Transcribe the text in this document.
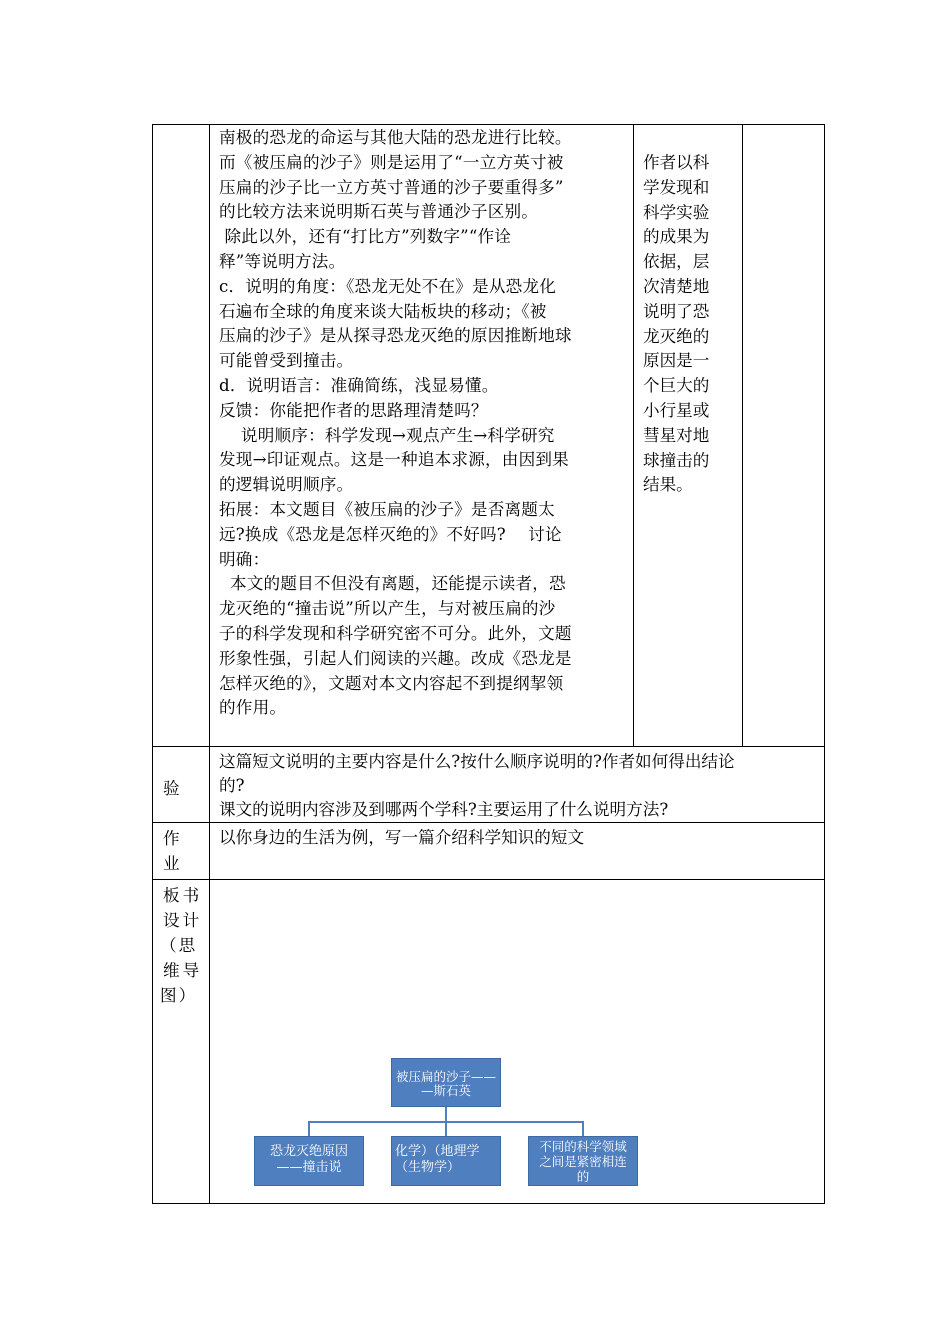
南极的恐龙的命运与其他大陆的恐龙进行比较。
而《被压扁的沙子》则是运用了“一立方英寸被
压扁的沙子比一立方英寸普通的沙子要重得多”
的比较方法来说明斯石英与普通沙子区别。
除此以外，还有“打比方”列数字”“作诠
释”等说明方法。
c．说明的角度：《恐龙无处不在》是从恐龙化
石遍布全球的角度来谈大陆板块的移动；《被
压扁的沙子》是从探寻恐龙灭绝的原因推断地球
可能曾受到撞击。
d．说明语言：准确简练，浅显易懂。
反馈：你能把作者的思路理清楚吗？
说明顺序：科学发现→观点产生→科学研究
发现→印证观点。这是一种追本求源，由因到果
的逻辑说明顺序。
拓展：本文题目《被压扁的沙子》是否离题太
远?换成《恐龙是怎样灭绝的》不好吗?　 讨论
明确：
本文的题目不但没有离题，还能提示读者，恐
龙灭绝的“撞击说”所以产生，与对被压扁的沙
子的科学发现和科学研究密不可分。此外，文题
形象性强，引起人们阅读的兴趣。改成《恐龙是
怎样灭绝的》，文题对本文内容起不到提纲挈领
的作用。
作者以科
学发现和
科学实验
的成果为
依据，层
次清楚地
说明了恐
龙灭绝的
原因是一
个巨大的
小行星或
彗星对地
球撞击的
结果。
验
这篇短文说明的主要内容是什么?按什么顺序说明的?作者如何得出结论
的?
课文的说明内容涉及到哪两个学科?主要运用了什么说明方法?
作
业
以你身边的生活为例，写一篇介绍科学知识的短文
板书
设计
（思
维导
图）
被压扁的沙子——
—斯石英
恐龙灭绝原因
——撞击说
化学）（地理学
（生物学）
不同的科学领域
之间是紧密相连
的
